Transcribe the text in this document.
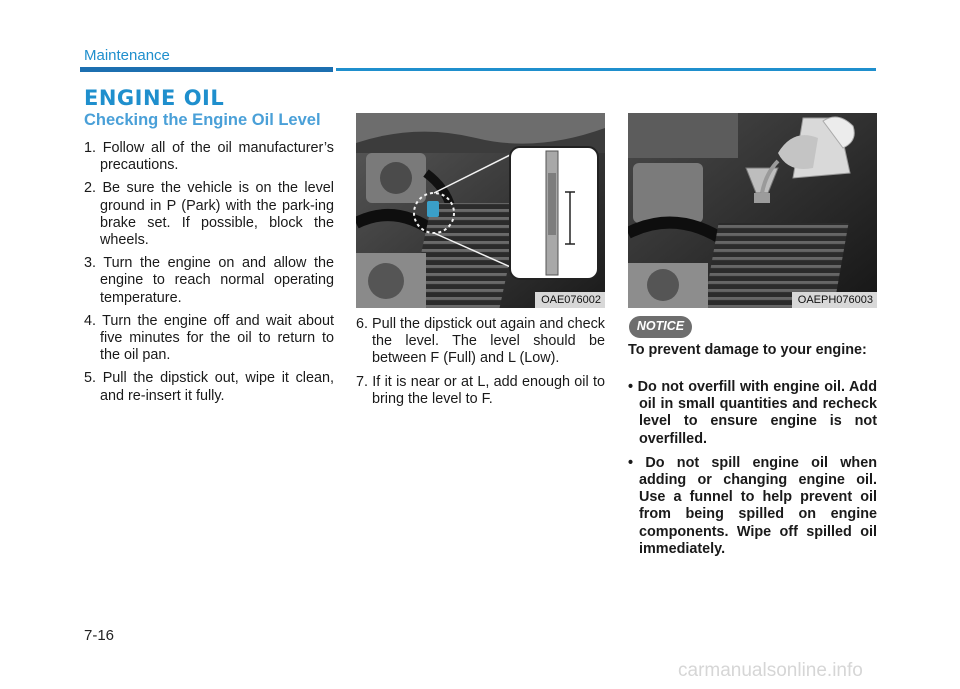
Maintenance
ENGINE OIL
Checking the Engine Oil Level
1. Follow all of the oil manufacturer’s precautions.
2. Be sure the vehicle is on the level ground in P (Park) with the park-ing brake set. If possible, block the wheels.
3. Turn the engine on and allow the engine to reach normal operating temperature.
4. Turn the engine off and wait about five minutes for the oil to return to the oil pan.
5. Pull the dipstick out, wipe it clean, and re-insert it fully.
OAE076002	OAEPH076003
6. Pull the dipstick out again and check the level. The level should be between F (Full) and L (Low).
7. If it is near or at L, add enough oil to bring the level to F.
NOTICE
To prevent damage to your engine:
• Do not overfill with engine oil. Add oil in small quantities and recheck level to ensure engine is not overfilled.
• Do not spill engine oil when adding or changing engine oil. Use a funnel to help prevent oil from being spilled on engine components. Wipe off spilled oil immediately.
7-16
carmanualsonline.info
